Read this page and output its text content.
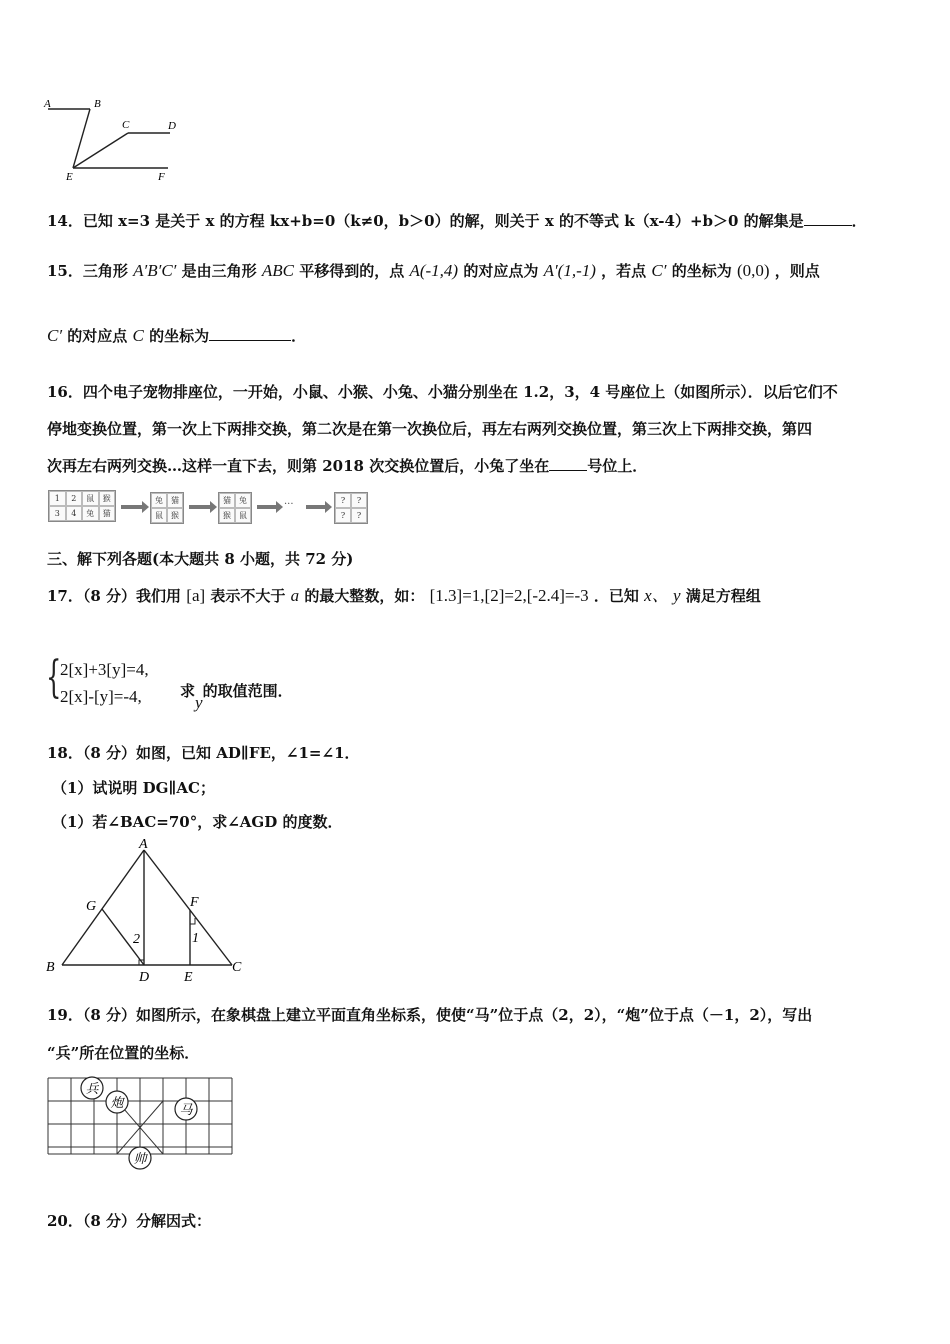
A	B
C	D
E	F
14．已知 x=3 是关于 x 的方程 kx+b=0（k≠0，b＞0）的解，则关于 x 的不等式 k（x-4）+b＞0 的解集是	．
15．三角形 A′B′C′ 是由三角形 ABC 平移得到的，点 A(-1,4) 的对应点为 A′(1,-1) ，若点 C′ 的坐标为 (0,0) ，则点
C′ 的对应点 C 的坐标为	．
16．四个电子宠物排座位，一开始，小鼠、小猴、小兔、小猫分别坐在 1.2，3，4 号座位上（如图所示）．以后它们不
停地变换位置，第一次上下两排交换，第二次是在第一次换位后，再左右两列交换位置，第三次上下两排交换，第四
次再左右两列交换…这样一直下去，则第 2018 次交换位置后，小兔了坐在	号位上．
1	2	鼠	猴
3	4	兔	猫
兔	猫
鼠	猴
猫	兔
猴	鼠
···	?	?
?	?
三、解下列各题(本大题共 8 小题，共 72 分)
17．（8 分）我们用 [a] 表示不大于 a 的最大整数，如： [1.3]=1,[2]=2,[-2.4]=-3 ．已知 x、 y 满足方程组
{
2[x]+3[y]=4,
2[x]-[y]=-4,	求y的取值范围．
18．（8 分）如图，已知 AD∥FE，∠1=∠1．
（1）试说明 DG∥AC；
（1）若∠BAC=70°，求∠AGD 的度数．
A
G	F
B
D E
C
2	1
19．（8 分）如图所示，在象棋盘上建立平面直角坐标系，使使“马”位于点（2，2），“炮”位于点（－1，2），写出
“兵”所在位置的坐标．
兵
炮	马
帅
20．（8 分）分解因式：
